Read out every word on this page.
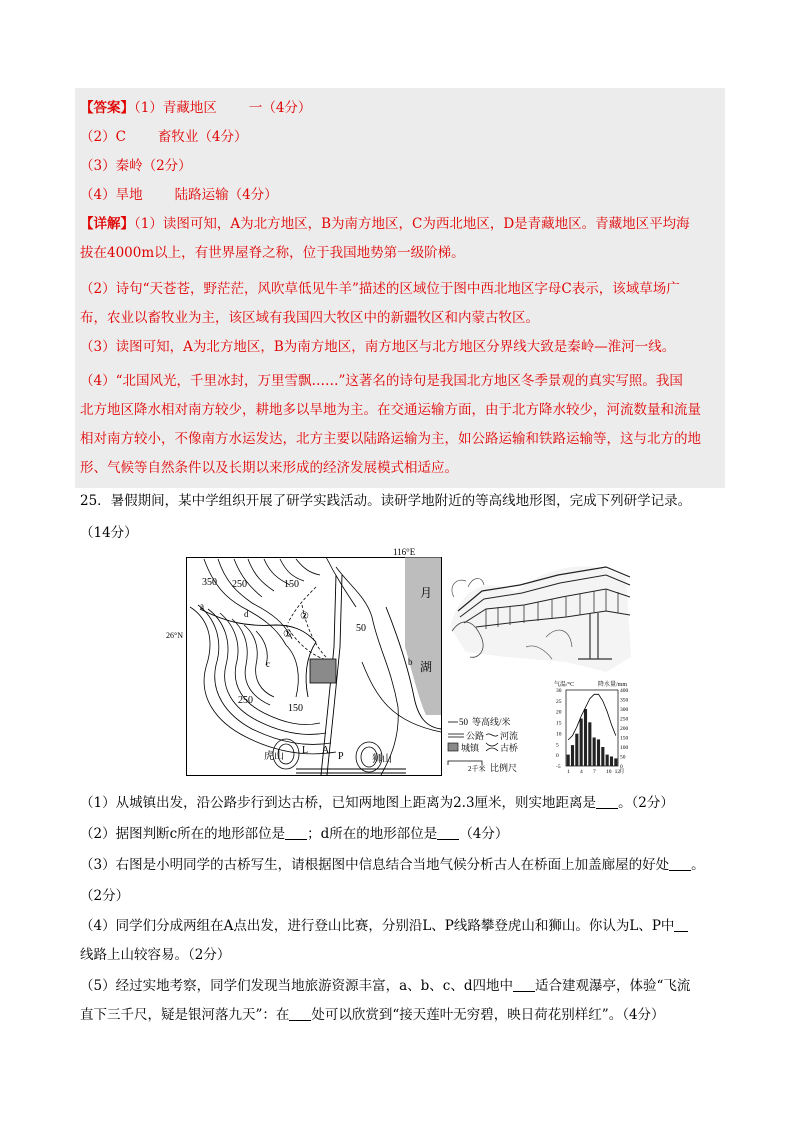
【答案】（1）青藏地区 一（4分）
（2）C 畜牧业（4分）
（3）秦岭（2分）
（4）旱地 陆路运输（4分）
【详解】（1）读图可知，A为北方地区，B为南方地区，C为西北地区，D是青藏地区。青藏地区平均海
拔在4000m以上，有世界屋脊之称，位于我国地势第一级阶梯。
（2）诗句“天苍苍，野茫茫，风吹草低见牛羊”描述的区域位于图中西北地区字母C表示，该域草场广
布，农业以畜牧业为主，该区域有我国四大牧区中的新疆牧区和内蒙古牧区。
（3）读图可知，A为北方地区，B为南方地区，南方地区与北方地区分界线大致是秦岭—淮河一线。
（4）“北国风光，千里冰封，万里雪飘……”这著名的诗句是我国北方地区冬季景观的真实写照。我国
北方地区降水相对南方较少，耕地多以旱地为主。在交通运输方面，由于北方降水较少，河流数量和流量
相对南方较小，不像南方水运发达，北方主要以陆路运输为主，如公路运输和铁路运输等，这与北方的地
形、气候等自然条件以及长期以来形成的经济发展模式相适应。
25．暑假期间，某中学组织开展了研学实践活动。读研学地附近的等高线地形图，完成下列研学记录。
（14分）
月
湖
116°E
26°N
350 250	150
50
250
150
a
b
c
d
①
②
虎山	狮山
L A
P
50 等高线/米
公路 河流
城镇 古桥
2千米 比例尺
气温/°C	降水量/mm
30
25
20
15
10
5
0
-5
400
350
300
250
200
150
100
50
0
1 4 7 10 12
月
（1）从城镇出发，沿公路步行到达古桥，已知两地图上距离为2.3厘米，则实地距离是 。（2分）
（2）据图判断c所在的地形部位是 ；d所在的地形部位是 （4分）
（3）右图是小明同学的古桥写生，请根据图中信息结合当地气候分析古人在桥面上加盖廊屋的好处 。
（2分）
（4）同学们分成两组在A点出发，进行登山比赛，分别沿L、P线路攀登虎山和狮山。你认为L、P中
线路上山较容易。（2分）
（5）经过实地考察，同学们发现当地旅游资源丰富，a、b、c、d四地中 适合建观瀑亭，体验“飞流
直下三千尺，疑是银河落九天”：在 处可以欣赏到“接天莲叶无穷碧，映日荷花别样红”。（4分）
